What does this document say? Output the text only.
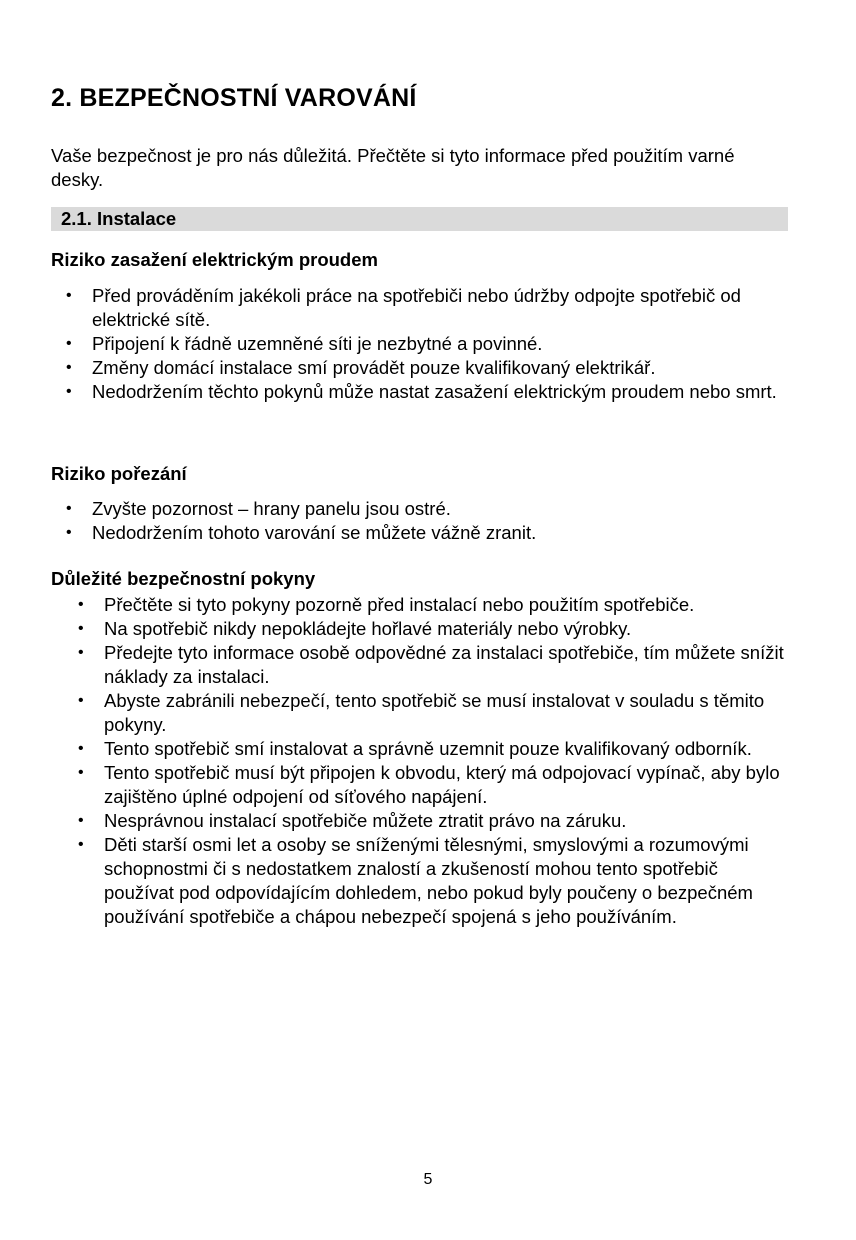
2. BEZPEČNOSTNÍ VAROVÁNÍ

Vaše bezpečnost je pro nás důležitá. Přečtěte si tyto informace před použitím varné desky.

2.1. Instalace

Riziko zasažení elektrickým proudem

• Před prováděním jakékoli práce na spotřebiči nebo údržby odpojte spotřebič od elektrické sítě.
• Připojení k řádně uzemněné síti je nezbytné a povinné.
• Změny domácí instalace smí provádět pouze kvalifikovaný elektrikář.
• Nedodržením těchto pokynů může nastat zasažení elektrickým proudem nebo smrt.

Riziko pořezání

• Zvyšte pozornost – hrany panelu jsou ostré.
• Nedodržením tohoto varování se můžete vážně zranit.

Důležité bezpečnostní pokyny

• Přečtěte si tyto pokyny pozorně před instalací nebo použitím spotřebiče.
• Na spotřebič nikdy nepokládejte hořlavé materiály nebo výrobky.
• Předejte tyto informace osobě odpovědné za instalaci spotřebiče, tím můžete snížit náklady za instalaci.
• Abyste zabránili nebezpečí, tento spotřebič se musí instalovat v souladu s těmito pokyny.
• Tento spotřebič smí instalovat a správně uzemnit pouze kvalifikovaný odborník.
• Tento spotřebič musí být připojen k obvodu, který má odpojovací vypínač, aby bylo zajištěno úplné odpojení od síťového napájení.
• Nesprávnou instalací spotřebiče můžete ztratit právo na záruku.
• Děti starší osmi let a osoby se sníženými tělesnými, smyslovými a rozumovými schopnostmi či s nedostatkem znalostí a zkušeností mohou tento spotřebič používat pod odpovídajícím dohledem, nebo pokud byly poučeny o bezpečném používání spotřebiče a chápou nebezpečí spojená s jeho používáním.
5
